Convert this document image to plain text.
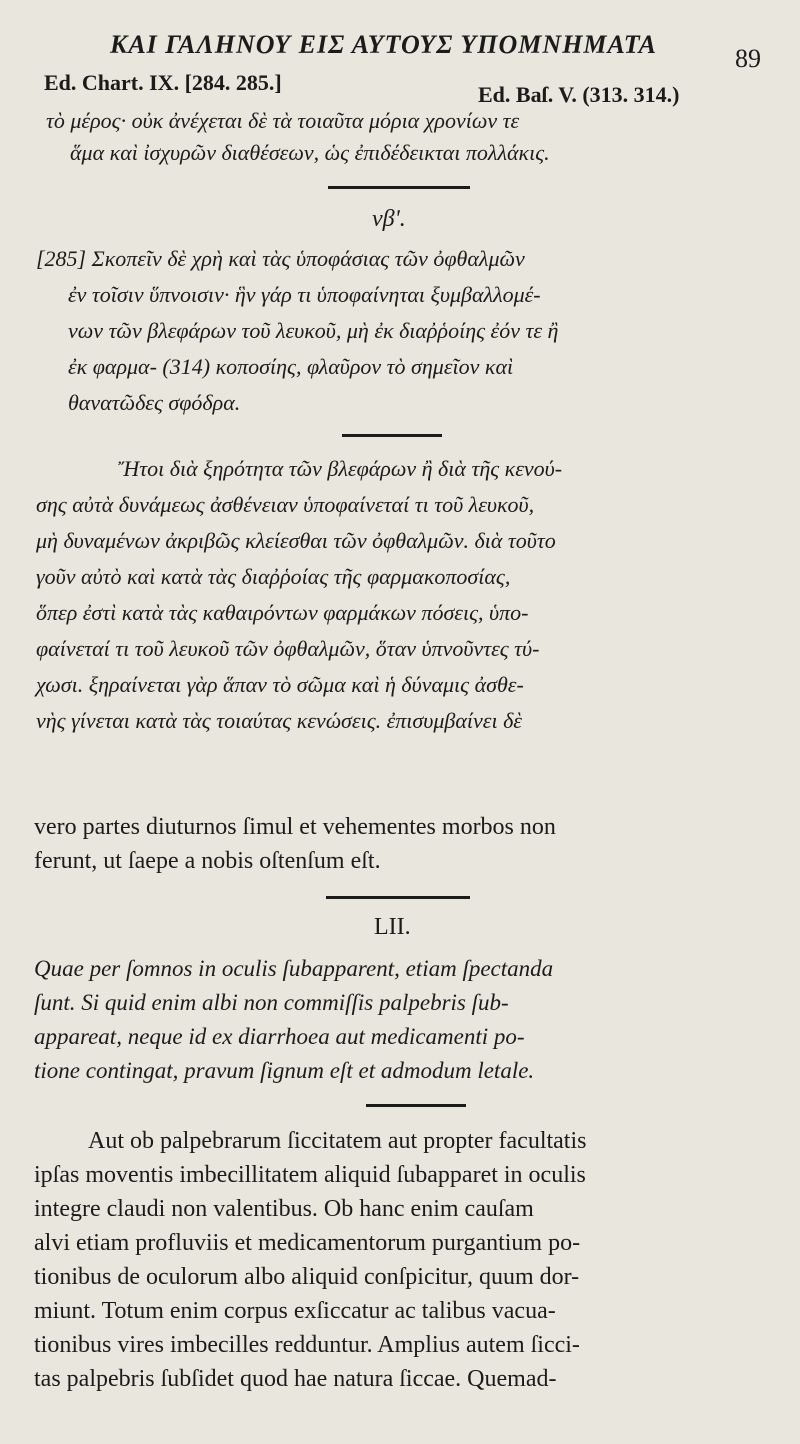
ΚΑΙ ΓΑΛΗΝΟΥ ΕΙΣ ΑΥΤΟΥΣ ΥΠΟΜΝΗΜΑΤΑ	89
Ed. Chart. IX. [284. 285.]	Ed. Baſ. V. (313. 314.)
τὸ μέρος· οὐκ ἀνέχεται δὲ τὰ τοιαῦτα μόρια χρονίων τε
ἅμα καὶ ἰσχυρῶν διαθέσεων, ὡς ἐπιδέδεικται πολλάκις.
νβʹ.
[285] Σκοπεῖν δὲ χρὴ καὶ τὰς ὑποφάσιας τῶν ὀφθαλμῶν
ἐν τοῖσιν ὕπνοισιν· ἣν γάρ τι ὑποφαίνηται ξυμβαλλομέ-
νων τῶν βλεφάρων τοῦ λευκοῦ, μὴ ἐκ διαῤῥοίης ἐόν τε ἢ
ἐκ φαρμα- (314) κοποσίης, φλαῦρον τὸ σημεῖον καὶ
θανατῶδες σφόδρα.
Ἤτοι διὰ ξηρότητα τῶν βλεφάρων ἢ διὰ τῆς κενού-
σης αὐτὰ δυνάμεως ἀσθένειαν ὑποφαίνεταί τι τοῦ λευκοῦ,
μὴ δυναμένων ἀκριβῶς κλείεσθαι τῶν ὀφθαλμῶν. διὰ τοῦτο
γοῦν αὐτὸ καὶ κατὰ τὰς διαῤῥοίας τῆς φαρμακοποσίας,
ὅπερ ἐστὶ κατὰ τὰς καθαιρόντων φαρμάκων πόσεις, ὑπο-
φαίνεταί τι τοῦ λευκοῦ τῶν ὀφθαλμῶν, ὅταν ὑπνοῦντες τύ-
χωσι. ξηραίνεται γὰρ ἅπαν τὸ σῶμα καὶ ἡ δύναμις ἀσθε-
νὴς γίνεται κατὰ τὰς τοιαύτας κενώσεις. ἐπισυμβαίνει δὲ
vero partes diuturnos ſimul et vehementes morbos non
ferunt, ut ſaepe a nobis oſtenſum eſt.
LII.
Quae per ſomnos in oculis ſubapparent, etiam ſpectanda
ſunt. Si quid enim albi non commiſſis palpebris ſub-
appareat, neque id ex diarrhoea aut medicamenti po-
tione contingat, pravum ſignum eſt et admodum letale.
Aut ob palpebrarum ſiccitatem aut propter facultatis
ipſas moventis imbecillitatem aliquid ſubapparet in oculis
integre claudi non valentibus. Ob hanc enim cauſam
alvi etiam profluviis et medicamentorum purgantium po-
tionibus de oculorum albo aliquid conſpicitur, quum dor-
miunt. Totum enim corpus exſiccatur ac talibus vacua-
tionibus vires imbecilles redduntur. Amplius autem ſicci-
tas palpebris ſubſidet quod hae natura ſiccae. Quemad-
